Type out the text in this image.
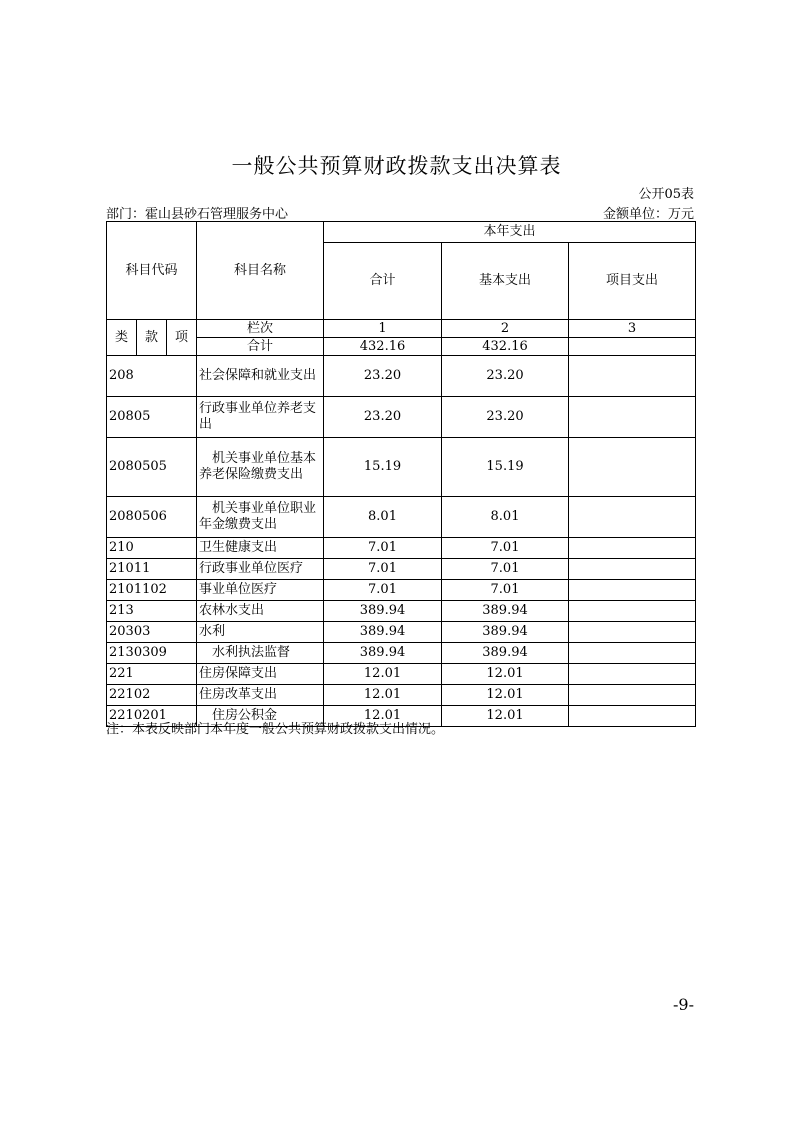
一般公共预算财政拨款支出决算表
公开05表
部门：霍山县砂石管理服务中心	金额单位：万元
科目代码			科目名称	本年支出		
				合计	基本支出	项目支出
类	款	项	栏次	1	2	3
			合计	432.16	432.16	
208			社会保障和就业支出	23.20	23.20	
20805			行政事业单位养老支出	23.20	23.20	
2080505			机关事业单位基本养老保险缴费支出	15.19	15.19	
2080506			机关事业单位职业年金缴费支出	8.01	8.01	
210			卫生健康支出	7.01	7.01	
21011			行政事业单位医疗	7.01	7.01	
2101102			事业单位医疗	7.01	7.01	
213			农林水支出	389.94	389.94	
20303			水利	389.94	389.94	
2130309			水利执法监督	389.94	389.94	
221			住房保障支出	12.01	12.01	
22102			住房改革支出	12.01	12.01	
2210201			住房公积金	12.01	12.01	
注：本表反映部门本年度一般公共预算财政拨款支出情况。
-9-
